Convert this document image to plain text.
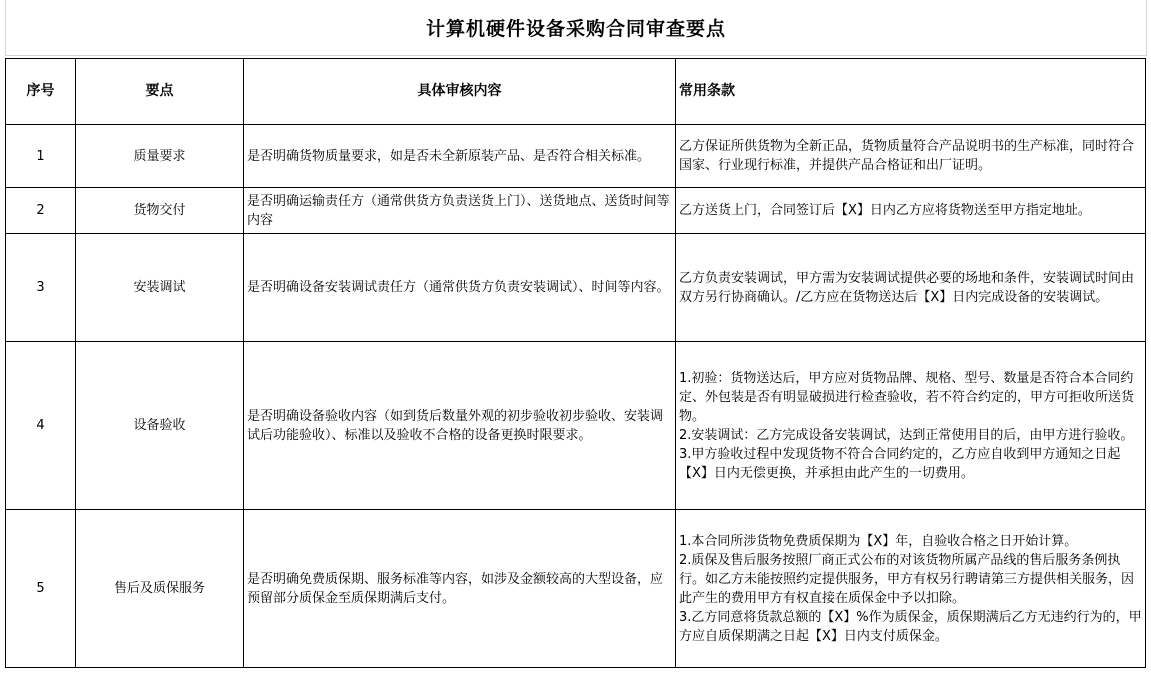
计算机硬件设备采购合同审查要点
序号	要点	具体审核内容	常用条款
1	质量要求	是否明确货物质量要求，如是否未全新原装产品、是否符合相关标准。	乙方保证所供货物为全新正品，货物质量符合产品说明书的生产标准，同时符合国家、行业现行标准，并提供产品合格证和出厂证明。

2	货物交付	是否明确运输责任方（通常供货方负责送货上门）、送货地点、送货时间等内容	乙方送货上门，合同签订后【X】日内乙方应将货物送至甲方指定地址。

3	安装调试	是否明确设备安装调试责任方（通常供货方负责安装调试）、时间等内容。	乙方负责安装调试，甲方需为安装调试提供必要的场地和条件，安装调试时间由双方另行协商确认。/乙方应在货物送达后【X】日内完成设备的安装调试。

4	设备验收	是否明确设备验收内容（如到货后数量外观的初步验收初步验收、安装调试后功能验收）、标准以及验收不合格的设备更换时限要求。	1.初验：货物送达后，甲方应对货物品牌、规格、型号、数量是否符合本合同约定、外包装是否有明显破损进行检查验收，若不符合约定的，甲方可拒收所送货物。
2.安装调试：乙方完成设备安装调试，达到正常使用目的后，由甲方进行验收。
3.甲方验收过程中发现货物不符合合同约定的，乙方应自收到甲方通知之日起【X】日内无偿更换，并承担由此产生的一切费用。

5	售后及质保服务	是否明确免费质保期、服务标准等内容，如涉及金额较高的大型设备，应预留部分质保金至质保期满后支付。	1.本合同所涉货物免费质保期为【X】年，自验收合格之日开始计算。
2.质保及售后服务按照厂商正式公布的对该货物所属产品线的售后服务条例执行。如乙方未能按照约定提供服务，甲方有权另行聘请第三方提供相关服务，因此产生的费用甲方有权直接在质保金中予以扣除。
3.乙方同意将货款总额的【X】%作为质保金，质保期满后乙方无违约行为的，甲方应自质保期满之日起【X】日内支付质保金。
